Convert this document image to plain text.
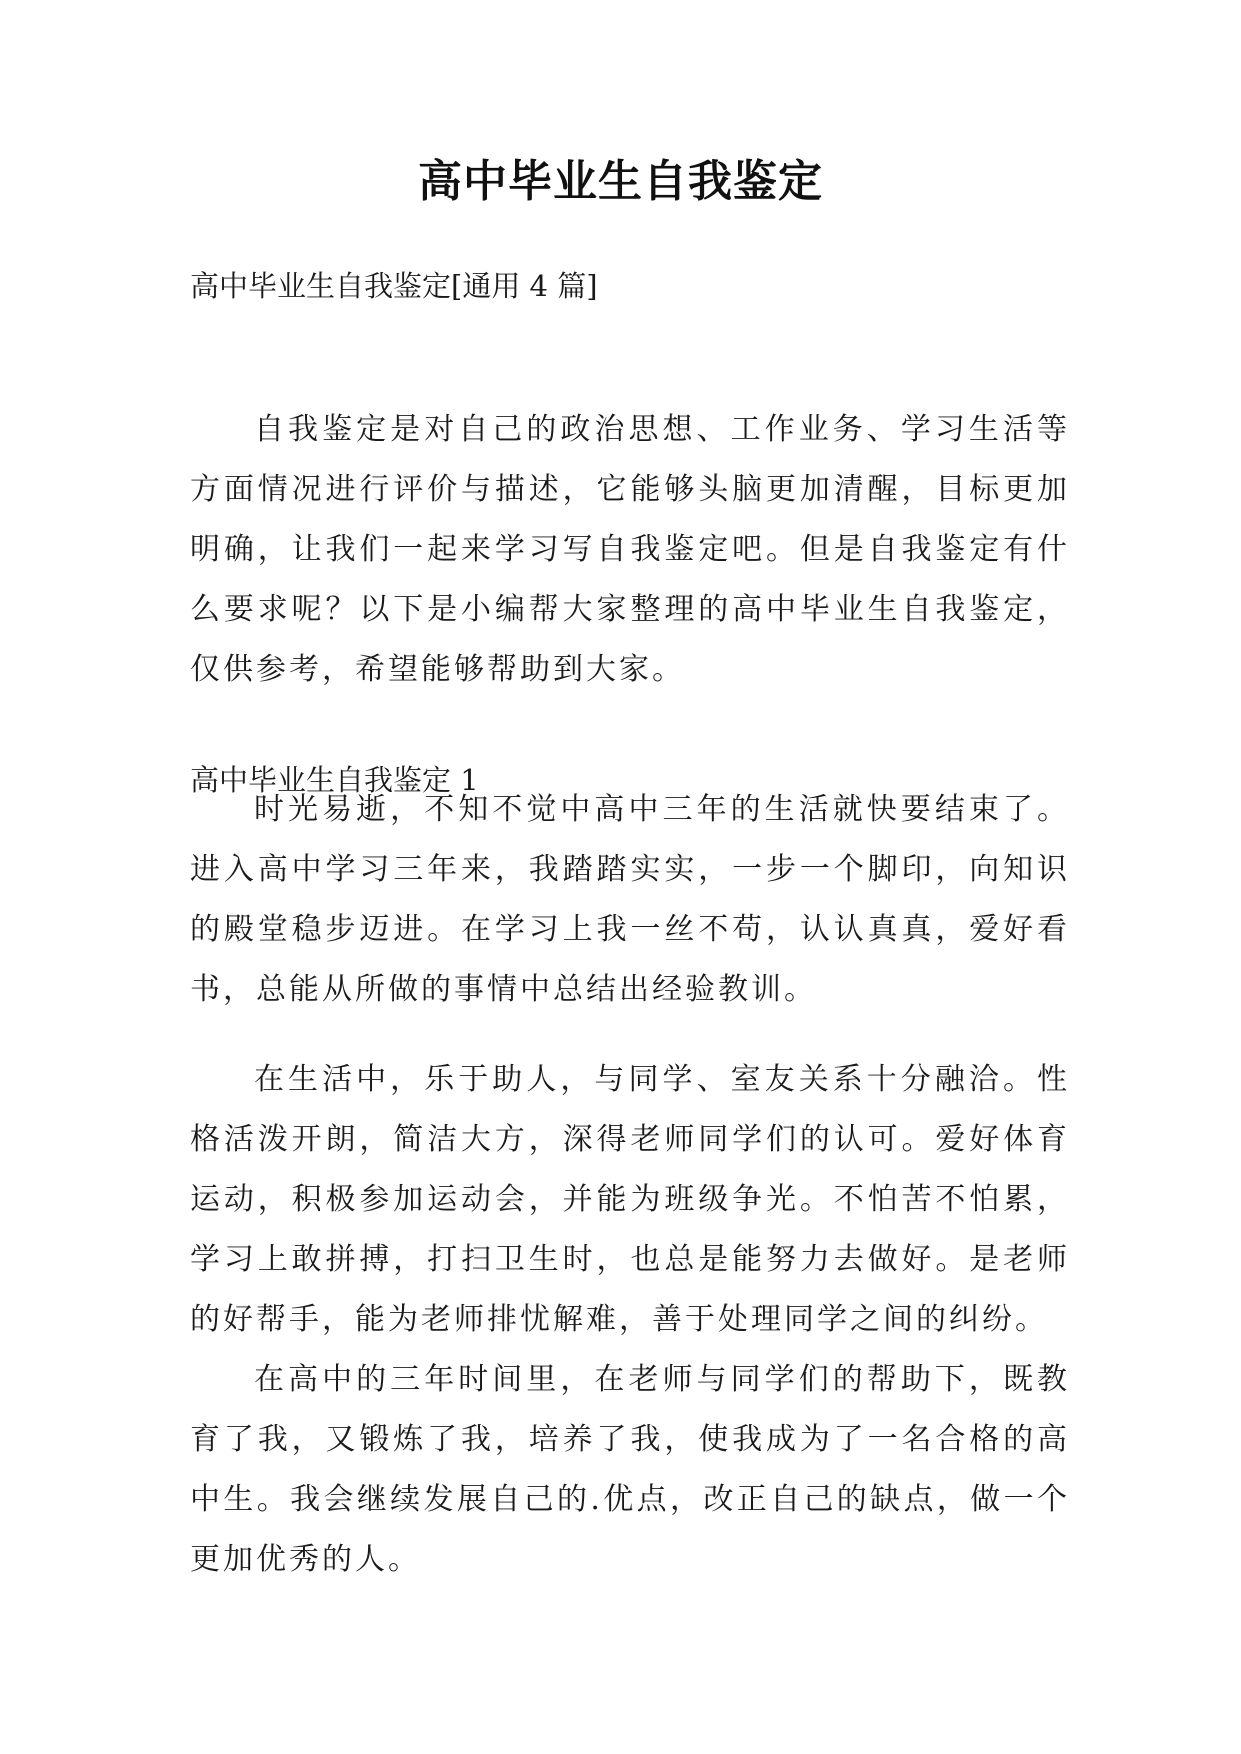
高中毕业生自我鉴定
高中毕业生自我鉴定[通用 4 篇]

自我鉴定是对自己的政治思想、工作业务、学习生活等方面情况进行评价与描述，它能够头脑更加清醒，目标更加明确，让我们一起来学习写自我鉴定吧。但是自我鉴定有什么要求呢？以下是小编帮大家整理的高中毕业生自我鉴定，仅供参考，希望能够帮助到大家。

高中毕业生自我鉴定 1

时光易逝，不知不觉中高中三年的生活就快要结束了。进入高中学习三年来，我踏踏实实，一步一个脚印，向知识的殿堂稳步迈进。在学习上我一丝不苟，认认真真，爱好看书，总能从所做的事情中总结出经验教训。

在生活中，乐于助人，与同学、室友关系十分融洽。性格活泼开朗，简洁大方，深得老师同学们的认可。爱好体育运动，积极参加运动会，并能为班级争光。不怕苦不怕累，学习上敢拼搏，打扫卫生时，也总是能努力去做好。是老师的好帮手，能为老师排忧解难，善于处理同学之间的纠纷。

在高中的三年时间里，在老师与同学们的帮助下，既教育了我，又锻炼了我，培养了我，使我成为了一名合格的高中生。我会继续发展自己的.优点，改正自己的缺点，做一个更加优秀的人。
